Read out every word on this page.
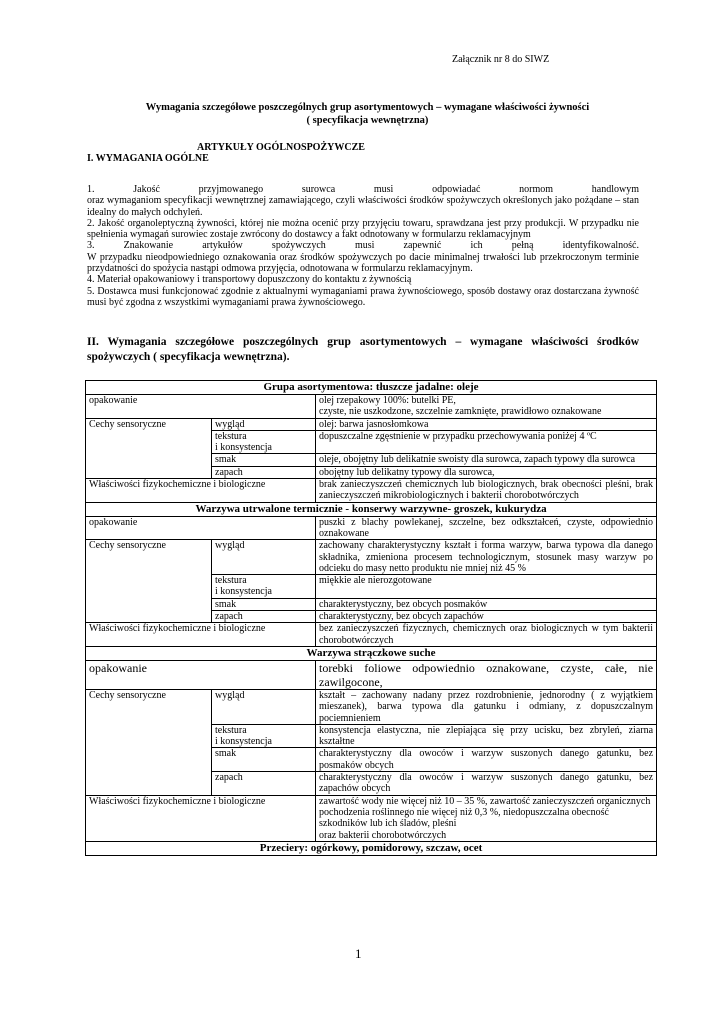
Załącznik nr 8 do SIWZ
Wymagania szczegółowe poszczególnych grup asortymentowych – wymagane właściwości żywności
( specyfikacja wewnętrzna)
ARTYKUŁY OGÓLNOSPOŻYWCZE
I. WYMAGANIA OGÓLNE

1. Jakość przyjmowanego surowca musi odpowiadać normom handlowym

oraz wymaganiom specyfikacji wewnętrznej zamawiającego, czyli właściwości środków spożywczych określonych jako pożądane – stan idealny do małych odchyleń.

2. Jakość organoleptyczną żywności, której nie można ocenić przy przyjęciu towaru, sprawdzana jest przy produkcji. W przypadku nie spełnienia wymagań surowiec zostaje zwrócony do dostawcy a fakt odnotowany w formularzu reklamacyjnym

3. Znakowanie artykułów spożywczych musi zapewnić ich pełną identyfikowalność.

W przypadku nieodpowiedniego oznakowania oraz środków spożywczych po dacie minimalnej trwałości lub przekroczonym terminie przydatności do spożycia nastąpi odmowa przyjęcia, odnotowana w formularzu reklamacyjnym.

4. Materiał opakowaniowy i transportowy dopuszczony do kontaktu z żywnością

5. Dostawca musi funkcjonować zgodnie z aktualnymi wymaganiami prawa żywnościowego, sposób dostawy oraz dostarczana żywność musi być zgodna z wszystkimi wymaganiami prawa żywnościowego.

II. Wymagania szczegółowe poszczególnych grup asortymentowych – wymagane właściwości środków spożywczych ( specyfikacja wewnętrzna).
Grupa asortymentowa: tłuszcze jadalne: oleje		
opakowanie		olej rzepakowy 100%: butelki PE,
czyste, nie uszkodzone, szczelnie zamknięte, prawidłowo oznakowane

Cechy sensoryczne	wygląd	olej: barwa jasnosłomkowa

	tekstura
i konsystencja	dopuszczalne zgęstnienie w przypadku przechowywania poniżej 4 ºC
	smak	oleje, obojętny lub delikatnie swoisty dla surowca, zapach typowy dla surowca
	zapach	obojętny lub delikatny typowy dla surowca,
Właściwości fizykochemiczne i biologiczne		brak zanieczyszczeń chemicznych lub biologicznych, brak obecności pleśni, brak zanieczyszczeń mikrobiologicznych i bakterii chorobotwórczych
Warzywa utrwalone termicznie - konserwy warzywne- groszek, kukurydza		
opakowanie		puszki z blachy powlekanej, szczelne, bez odkształceń, czyste, odpowiednio oznakowane
Cechy sensoryczne	wygląd	zachowany charakterystyczny kształt i forma warzyw, barwa typowa dla danego składnika, zmieniona procesem technologicznym, stosunek masy warzyw po odcieku do masy netto produktu nie mniej niż 45 %

	tekstura
i konsystencja	miękkie ale nierozgotowane
	smak	charakterystyczny, bez obcych posmaków
	zapach	charakterystyczny, bez obcych zapachów
Właściwości fizykochemiczne i biologiczne		bez zanieczyszczeń fizycznych, chemicznych oraz biologicznych w tym bakterii chorobotwórczych
Warzywa strączkowe suche		
opakowanie		torebki foliowe odpowiednio oznakowane, czyste, całe, nie zawilgocone,
Cechy sensoryczne	wygląd	kształt – zachowany nadany przez rozdrobnienie, jednorodny ( z wyjątkiem mieszanek), barwa typowa dla gatunku i odmiany, z dopuszczalnym pociemnieniem

	tekstura
i konsystencja	konsystencja elastyczna, nie zlepiająca się przy ucisku, bez zbryleń, ziarna kształtne
	smak	charakterystyczny dla owoców i warzyw suszonych danego gatunku, bez posmaków obcych
	zapach	charakterystyczny dla owoców i warzyw suszonych danego gatunku, bez zapachów obcych
Właściwości fizykochemiczne i biologiczne		zawartość wody nie więcej niż 10 – 35 %, zawartość zanieczyszczeń organicznych pochodzenia roślinnego nie więcej niż 0,3 %, niedopuszczalna obecność szkodników lub ich śladów, pleśni
oraz bakterii chorobotwórczych

Przeciery: ogórkowy, pomidorowy, szczaw, ocet		
1
